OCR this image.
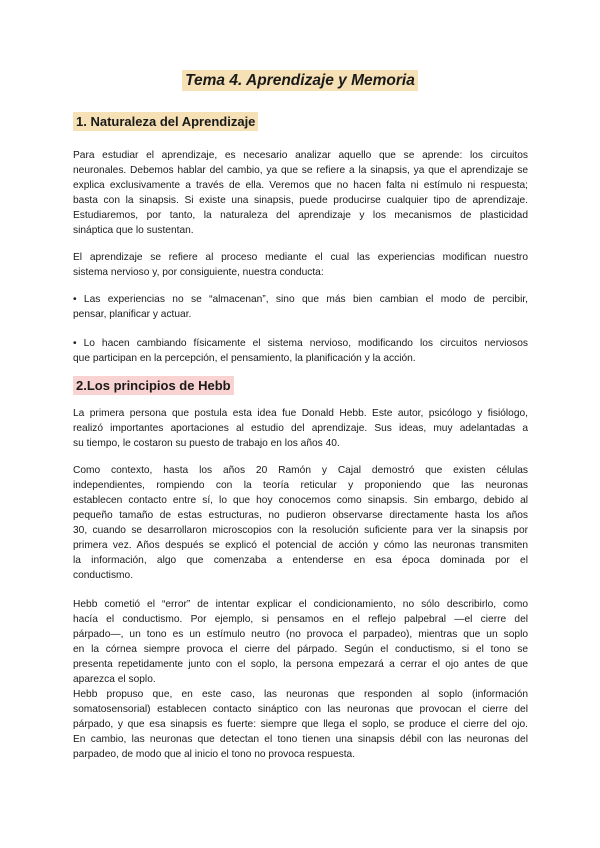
Tema 4. Aprendizaje y Memoria
1. Naturaleza del Aprendizaje
Para estudiar el aprendizaje, es necesario analizar aquello que se aprende: los circuitos
neuronales. Debemos hablar del cambio, ya que se refiere a la sinapsis, ya que el aprendizaje se
explica exclusivamente a través de ella. Veremos que no hacen falta ni estímulo ni respuesta;
basta con la sinapsis. Si existe una sinapsis, puede producirse cualquier tipo de aprendizaje.
Estudiaremos, por tanto, la naturaleza del aprendizaje y los mecanismos de plasticidad
sináptica que lo sustentan.
El aprendizaje se refiere al proceso mediante el cual las experiencias modifican nuestro
sistema nervioso y, por consiguiente, nuestra conducta:
• Las experiencias no se “almacenan”, sino que más bien cambian el modo de percibir,
pensar, planificar y actuar.
• Lo hacen cambiando físicamente el sistema nervioso, modificando los circuitos nerviosos
que participan en la percepción, el pensamiento, la planificación y la acción.
2.Los principios de Hebb
La primera persona que postula esta idea fue Donald Hebb. Este autor, psicólogo y fisiólogo,
realizó importantes aportaciones al estudio del aprendizaje. Sus ideas, muy adelantadas a
su tiempo, le costaron su puesto de trabajo en los años 40.
Como contexto, hasta los años 20 Ramón y Cajal demostró que existen células
independientes, rompiendo con la teoría reticular y proponiendo que las neuronas
establecen contacto entre sí, lo que hoy conocemos como sinapsis. Sin embargo, debido al
pequeño tamaño de estas estructuras, no pudieron observarse directamente hasta los años
30, cuando se desarrollaron microscopios con la resolución suficiente para ver la sinapsis por
primera vez. Años después se explicó el potencial de acción y cómo las neuronas transmiten
la información, algo que comenzaba a entenderse en esa época dominada por el
conductismo.
Hebb cometió el “error” de intentar explicar el condicionamiento, no sólo describirlo, como
hacía el conductismo. Por ejemplo, si pensamos en el reflejo palpebral —el cierre del
párpado—, un tono es un estímulo neutro (no provoca el parpadeo), mientras que un soplo
en la córnea siempre provoca el cierre del párpado. Según el conductismo, si el tono se
presenta repetidamente junto con el soplo, la persona empezará a cerrar el ojo antes de que
aparezca el soplo.
Hebb propuso que, en este caso, las neuronas que responden al soplo (información
somatosensorial) establecen contacto sináptico con las neuronas que provocan el cierre del
párpado, y que esa sinapsis es fuerte: siempre que llega el soplo, se produce el cierre del ojo.
En cambio, las neuronas que detectan el tono tienen una sinapsis débil con las neuronas del
parpadeo, de modo que al inicio el tono no provoca respuesta.
